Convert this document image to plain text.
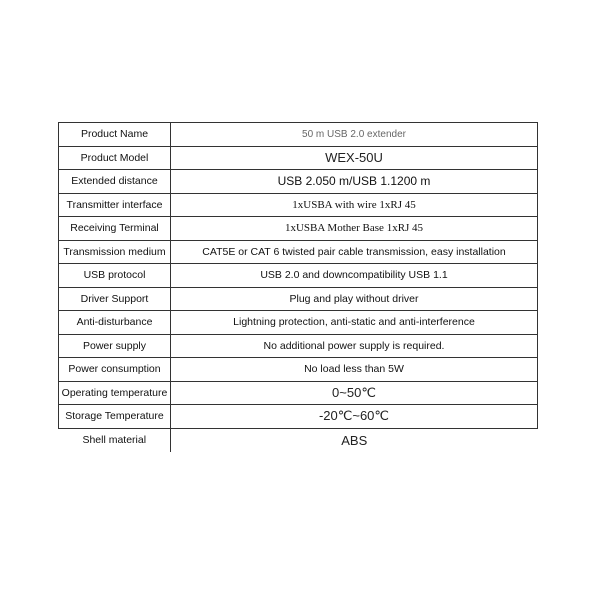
Product Name	50 m USB 2.0 extender
Product Model	WEX-50U
Extended distance	USB 2.050 m/USB 1.1200 m
Transmitter interface	1xUSBA with wire 1xRJ 45
Receiving Terminal	1xUSBA Mother Base 1xRJ 45
Transmission medium	CAT5E or CAT 6 twisted pair cable transmission, easy installation
USB protocol	USB 2.0 and downcompatibility USB 1.1
Driver Support	Plug and play without driver
Anti-disturbance	Lightning protection, anti-static and anti-interference
Power supply	No additional power supply is required.
Power consumption	No load less than 5W
Operating temperature	0~50℃
Storage Temperature	-20℃~60℃
Shell material	ABS
